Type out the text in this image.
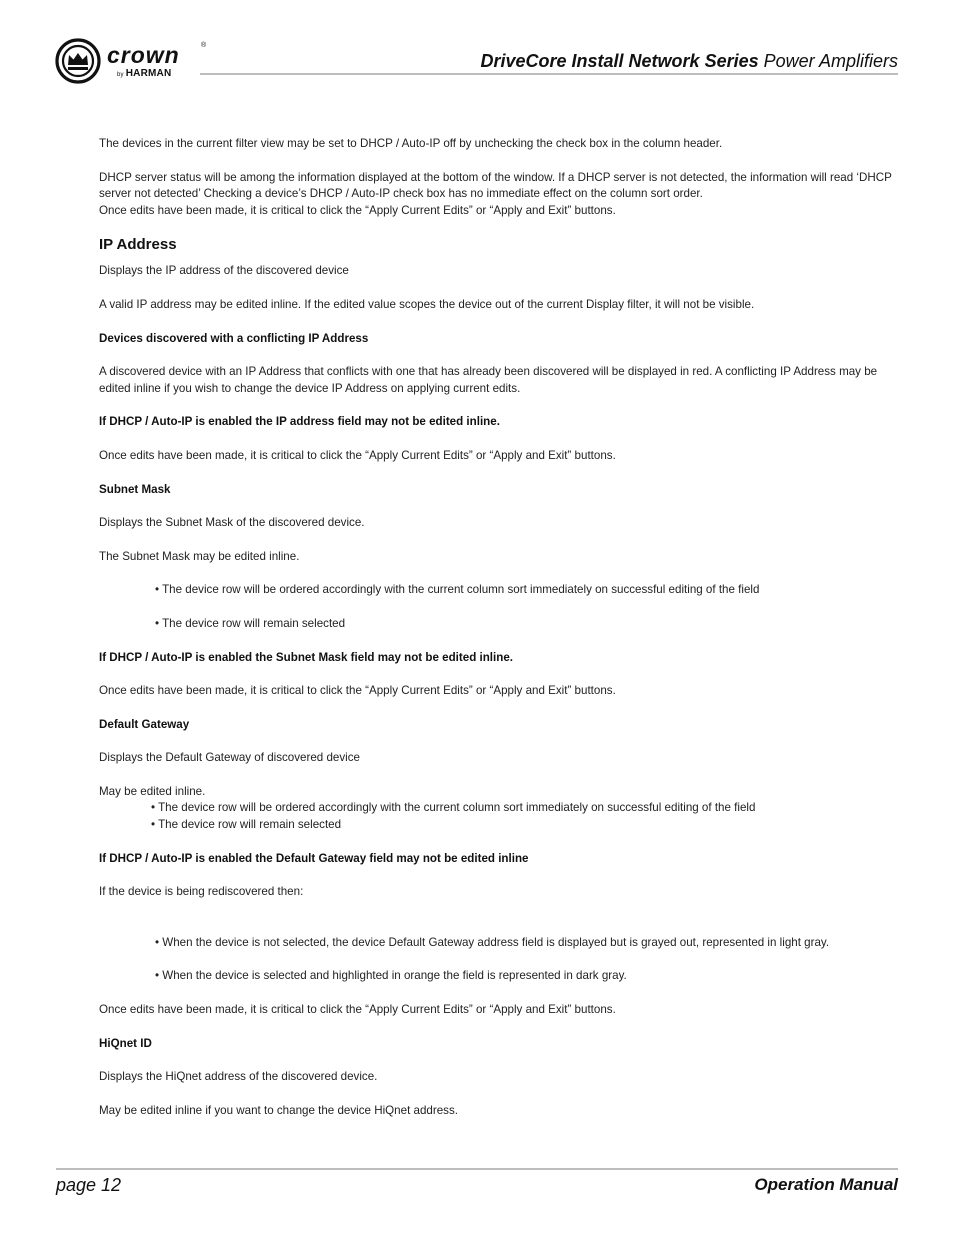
crown	®
by HARMAN
DriveCore Install Network Series Power Amplifiers

The devices in the current filter view may be set to DHCP / Auto-IP off by unchecking the check box in the column header.

DHCP server status will be among the information displayed at the bottom of the window. If a DHCP server is not detected, the information will read ‘DHCP server not detected’ Checking a device’s DHCP / Auto-IP check box has no immediate effect on the column sort order.

Once edits have been made, it is critical to click the “Apply Current Edits” or “Apply and Exit” buttons.

IP Address

Displays the IP address of the discovered device

A valid IP address may be edited inline. If the edited value scopes the device out of the current Display filter, it will not be visible.

Devices discovered with a conflicting IP Address

A discovered device with an IP Address that conflicts with one that has already been discovered will be displayed in red. A conflicting IP Address may be edited inline if you wish to change the device IP Address on applying current edits.

If DHCP / Auto-IP is enabled the IP address field may not be edited inline.

Once edits have been made, it is critical to click the “Apply Current Edits” or “Apply and Exit” buttons.

Subnet Mask

Displays the Subnet Mask of the discovered device.

The Subnet Mask may be edited inline.

• The device row will be ordered accordingly with the current column sort immediately on successful editing of the field

• The device row will remain selected

If DHCP / Auto-IP is enabled the Subnet Mask field may not be edited inline.

Once edits have been made, it is critical to click the “Apply Current Edits” or “Apply and Exit” buttons.

Default Gateway

Displays the Default Gateway of discovered device

May be edited inline.

• The device row will be ordered accordingly with the current column sort immediately on successful editing of the field

• The device row will remain selected

If DHCP / Auto-IP is enabled the Default Gateway field may not be edited inline

If the device is being rediscovered then:

• When the device is not selected, the device Default Gateway address field is displayed but is grayed out, represented in light gray.

• When the device is selected and highlighted in orange the field is represented in dark gray.

Once edits have been made, it is critical to click the “Apply Current Edits” or “Apply and Exit” buttons.

HiQnet ID

Displays the HiQnet address of the discovered device.

May be edited inline if you want to change the device HiQnet address.

page 12	Operation Manual
